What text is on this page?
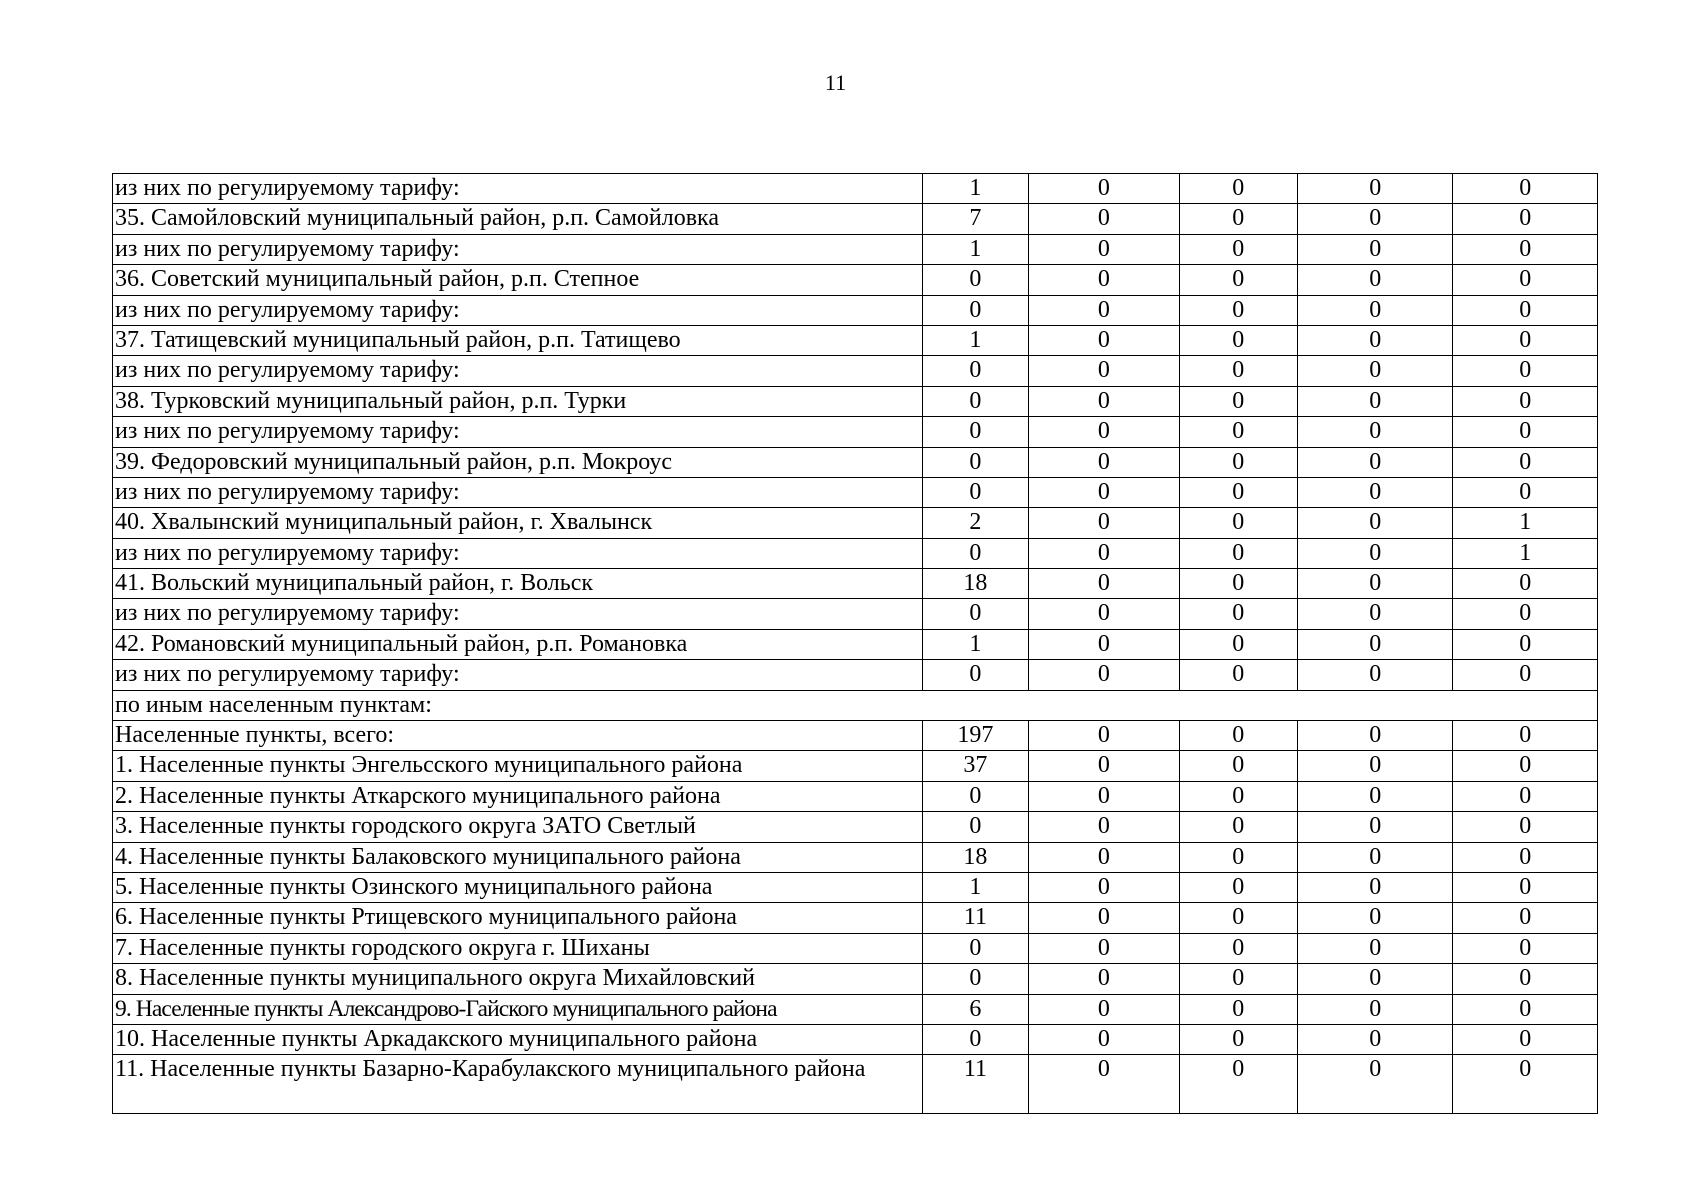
11
из них по регулируемому тарифу:	1	0	0	0	0
35. Самойловский муниципальный район, р.п. Самойловка	7	0	0	0	0
из них по регулируемому тарифу:	1	0	0	0	0
36. Советский муниципальный район, р.п. Степное	0	0	0	0	0
из них по регулируемому тарифу:	0	0	0	0	0
37. Татищевский муниципальный район, р.п. Татищево	1	0	0	0	0
из них по регулируемому тарифу:	0	0	0	0	0
38. Турковский муниципальный район, р.п. Турки	0	0	0	0	0
из них по регулируемому тарифу:	0	0	0	0	0
39. Федоровский муниципальный район, р.п. Мокроус	0	0	0	0	0
из них по регулируемому тарифу:	0	0	0	0	0
40. Хвалынский муниципальный район, г. Хвалынск	2	0	0	0	1
из них по регулируемому тарифу:	0	0	0	0	1
41. Вольский муниципальный район, г. Вольск	18	0	0	0	0
из них по регулируемому тарифу:	0	0	0	0	0
42. Романовский муниципальный район, р.п. Романовка	1	0	0	0	0
из них по регулируемому тарифу:	0	0	0	0	0
по иным населенным пунктам:					
Населенные пункты, всего:	197	0	0	0	0
1. Населенные пункты Энгельсского муниципального района	37	0	0	0	0
2. Населенные пункты Аткарского муниципального района	0	0	0	0	0
3. Населенные пункты городского округа ЗАТО Светлый	0	0	0	0	0
4. Населенные пункты Балаковского муниципального района	18	0	0	0	0
5. Населенные пункты Озинского муниципального района	1	0	0	0	0
6. Населенные пункты Ртищевского муниципального района	11	0	0	0	0
7. Населенные пункты городского округа г. Шиханы	0	0	0	0	0
8. Населенные пункты муниципального округа Михайловский	0	0	0	0	0
9. Населенные пункты Александрово-Гайского муниципального района	6	0	0	0	0
10. Населенные пункты Аркадакского муниципального района	0	0	0	0	0
11. Населенные пункты Базарно-Карабулакского муниципального района	11	0	0	0	0
